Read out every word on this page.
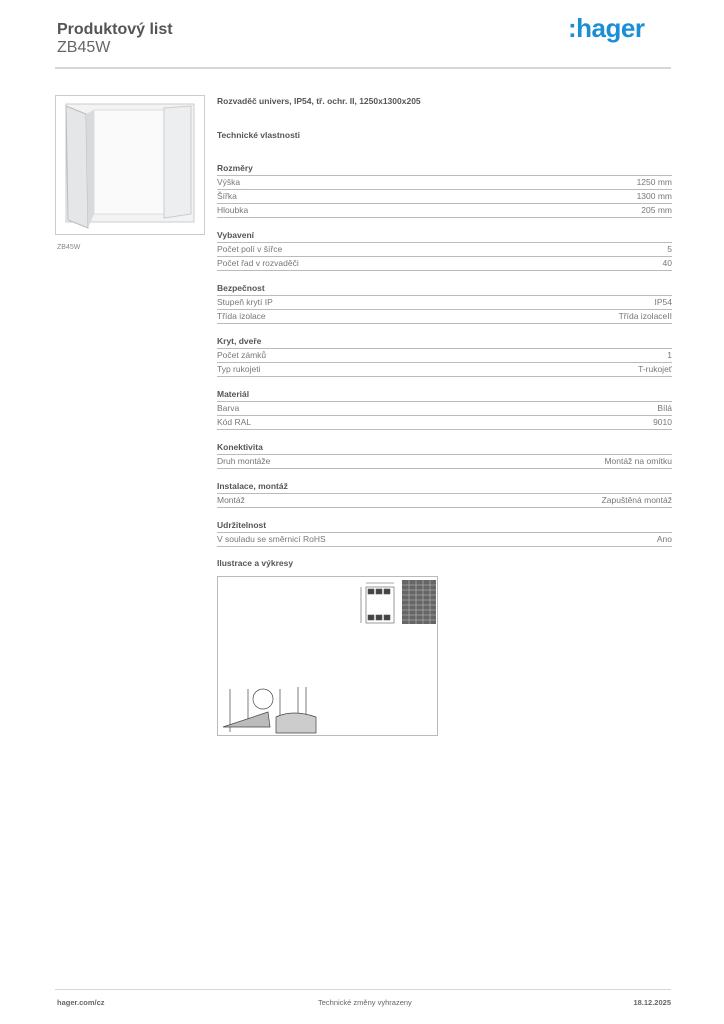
Produktový list
ZB45W
:hager
ZB45W
Rozvaděč univers, IP54, tř. ochr. II, 1250x1300x205
Technické vlastnosti
Rozměry
Výška	1250 mm
Šířka	1300 mm
Hloubka	205 mm
Vybavení
Počet polí v šířce	5
Počet řad v rozvaděči	40
Bezpečnost
Stupeň krytí IP	IP54
Třída izolace	Třída izolaceII
Kryt, dveře
Počet zámků	1
Typ rukojeti	T-rukojeť
Materiál
Barva	Bílá
Kód RAL	9010
Konektivita
Druh montáže	Montáž na omítku
Instalace, montáž
Montáž	Zapuštěná montáž
Udržitelnost
V souladu se směrnicí RoHS	Ano
Ilustrace a výkresy
hager.com/cz	Technické změny vyhrazeny	18.12.2025
